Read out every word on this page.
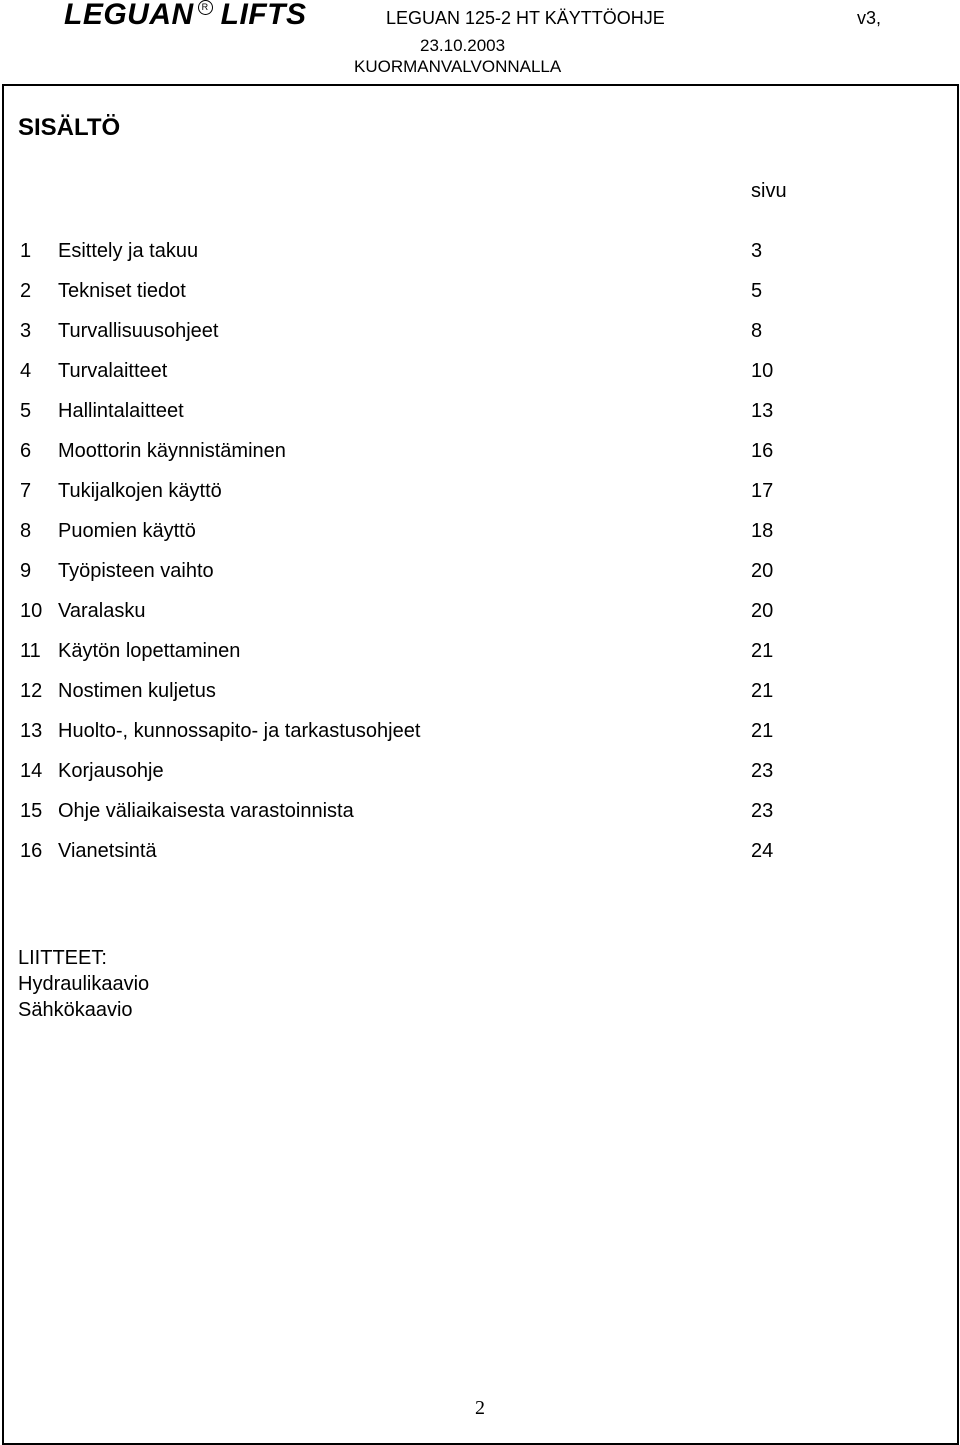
LEGUAN R LIFTS	LEGUAN 125-2 HT KÄYTTÖOHJE	v3,
23.10.2003
KUORMANVALVONNALLA
SISÄLTÖ
sivu
1 Esittely ja takuu	3
2 Tekniset tiedot	5
3 Turvallisuusohjeet	8
4 Turvalaitteet	10
5 Hallintalaitteet	13
6 Moottorin käynnistäminen	16
7 Tukijalkojen käyttö	17
8 Puomien käyttö	18
9 Työpisteen vaihto	20
10 Varalasku	20
11 Käytön lopettaminen	21
12 Nostimen kuljetus	21
13 Huolto-, kunnossapito- ja tarkastusohjeet	21
14 Korjausohje	23
15 Ohje väliaikaisesta varastoinnista	23
16 Vianetsintä	24
LIITTEET:
Hydraulikaavio
Sähkökaavio
2
